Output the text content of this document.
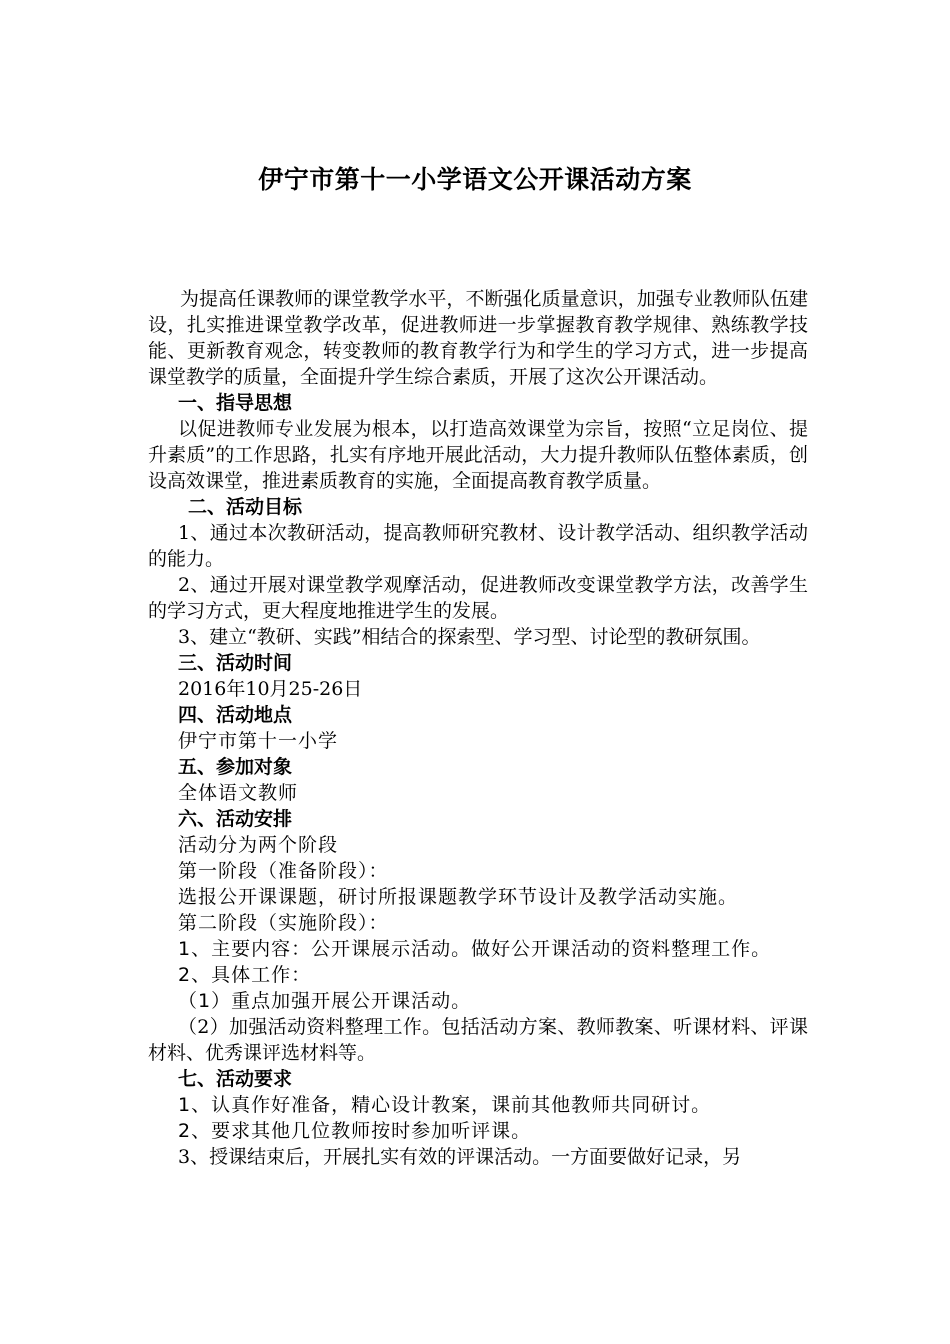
伊宁市第十一小学语文公开课活动方案

为提高任课教师的课堂教学水平，不断强化质量意识，加强专业教师队伍建设，扎实推进课堂教学改革，促进教师进一步掌握教育教学规律、熟练教学技能、更新教育观念，转变教师的教育教学行为和学生的学习方式，进一步提高课堂教学的质量，全面提升学生综合素质，开展了这次公开课活动。

一、指导思想

以促进教师专业发展为根本，以打造高效课堂为宗旨，按照“立足岗位、提升素质”的工作思路，扎实有序地开展此活动，大力提升教师队伍整体素质，创设高效课堂，推进素质教育的实施，全面提高教育教学质量。

二、活动目标

1、通过本次教研活动，提高教师研究教材、设计教学活动、组织教学活动的能力。

2、通过开展对课堂教学观摩活动，促进教师改变课堂教学方法，改善学生的学习方式，更大程度地推进学生的发展。

3、建立“教研、实践”相结合的探索型、学习型、讨论型的教研氛围。

三、活动时间

2016年10月25-26日

四、活动地点

伊宁市第十一小学

五、参加对象

全体语文教师

六、活动安排

活动分为两个阶段

第一阶段（准备阶段）：

选报公开课课题，研讨所报课题教学环节设计及教学活动实施。

第二阶段（实施阶段）：

1、主要内容：公开课展示活动。做好公开课活动的资料整理工作。

2、具体工作：

（1）重点加强开展公开课活动。

（2）加强活动资料整理工作。包括活动方案、教师教案、听课材料、评课材料、优秀课评选材料等。

七、活动要求

1、认真作好准备，精心设计教案，课前其他教师共同研讨。

2、要求其他几位教师按时参加听评课。

3、授课结束后，开展扎实有效的评课活动。一方面要做好记录，另
